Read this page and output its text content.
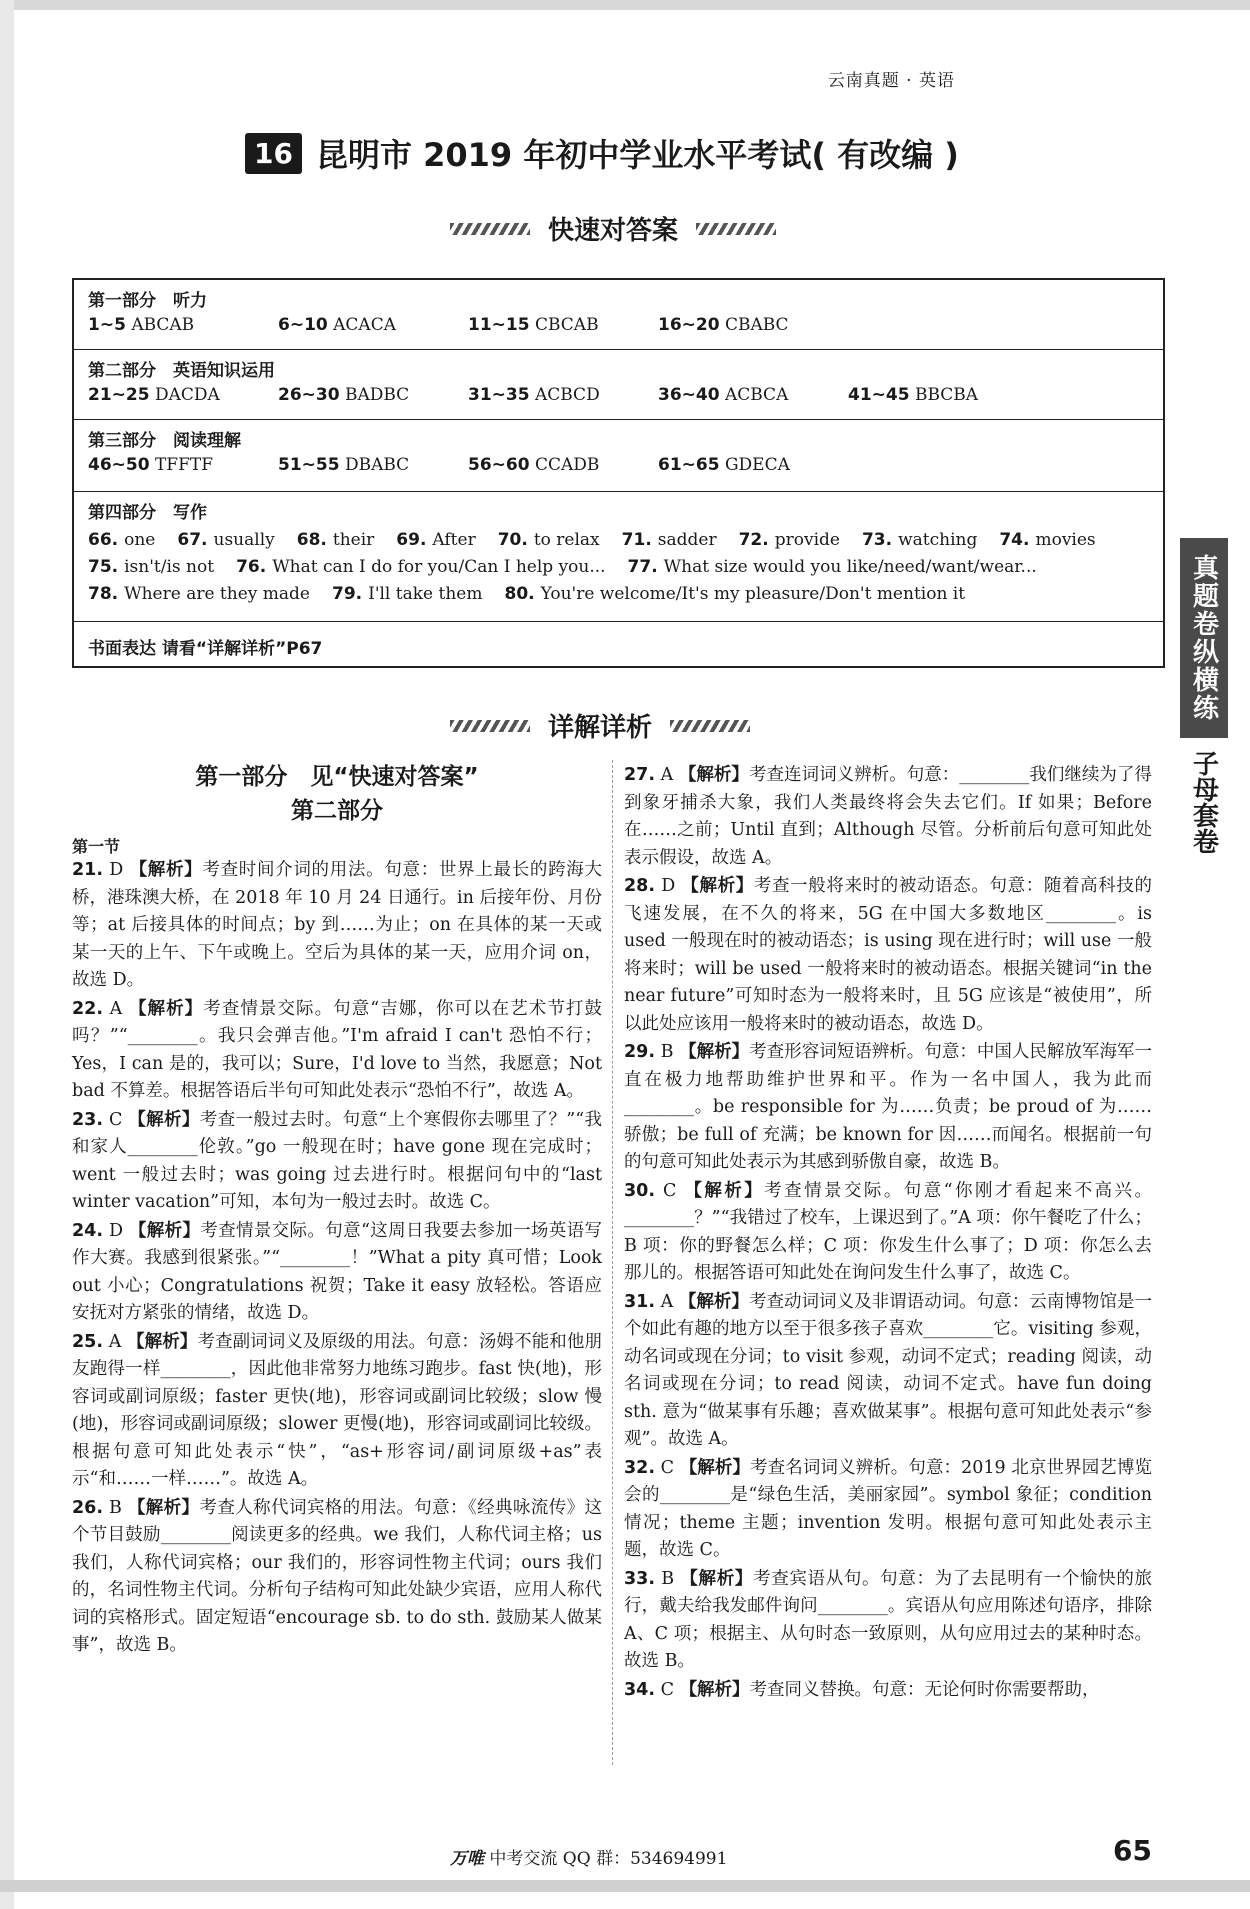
云南真题 · 英语
16 昆明市 2019 年初中学业水平考试( 有改编 )
快速对答案
第一部分　听力
1~5 ABCAB	6~10 ACACA	11~15 CBCAB	16~20 CBABC
第二部分　英语知识运用
21~25 DACDA	26~30 BADBC	31~35 ACBCD	36~40 ACBCA	41~45 BBCBA
第三部分　阅读理解
46~50 TFFTF	51~55 DBABC	56~60 CCADB	61~65 GDECA
第四部分　写作
66. one 67. usually 68. their 69. After 70. to relax 71. sadder 72. provide 73. watching 74. movies
75. isn't/is not 76. What can I do for you/Can I help you... 77. What size would you like/need/want/wear...
78. Where are they made 79. I'll take them 80. You're welcome/It's my pleasure/Don't mention it
书面表达 请看“详解详析”P67
详解详析
第一部分　见“快速对答案”
第二部分
第一节

21. D 【解析】考查时间介词的用法。句意：世界上最长的跨海大桥，港珠澳大桥，在 2018 年 10 月 24 日通行。in 后接年份、月份等；at 后接具体的时间点；by 到……为止；on 在具体的某一天或某一天的上午、下午或晚上。空后为具体的某一天，应用介词 on，故选 D。

22. A 【解析】考查情景交际。句意“吉娜，你可以在艺术节打鼓吗？”“________。我只会弹吉他。”I'm afraid I can't 恐怕不行；Yes，I can 是的，我可以；Sure，I'd love to 当然，我愿意；Not bad 不算差。根据答语后半句可知此处表示“恐怕不行”，故选 A。

23. C 【解析】考查一般过去时。句意“上个寒假你去哪里了？”“我和家人________伦敦。”go 一般现在时；have gone 现在完成时；went 一般过去时；was going 过去进行时。根据问句中的“last winter vacation”可知，本句为一般过去时。故选 C。

24. D 【解析】考查情景交际。句意“这周日我要去参加一场英语写作大赛。我感到很紧张。”“________！”What a pity 真可惜；Look out 小心；Congratulations 祝贺；Take it easy 放轻松。答语应安抚对方紧张的情绪，故选 D。

25. A 【解析】考查副词词义及原级的用法。句意：汤姆不能和他朋友跑得一样________，因此他非常努力地练习跑步。fast 快(地)，形容词或副词原级；faster 更快(地)，形容词或副词比较级；slow 慢(地)，形容词或副词原级；slower 更慢(地)，形容词或副词比较级。根据句意可知此处表示“快”，“as+形容词/副词原级+as”表示“和……一样……”。故选 A。

26. B 【解析】考查人称代词宾格的用法。句意：《经典咏流传》这个节目鼓励________阅读更多的经典。we 我们，人称代词主格；us 我们，人称代词宾格；our 我们的，形容词性物主代词；ours 我们的，名词性物主代词。分析句子结构可知此处缺少宾语，应用人称代词的宾格形式。固定短语“encourage sb. to do sth. 鼓励某人做某事”，故选 B。

27. A 【解析】考查连词词义辨析。句意：________我们继续为了得到象牙捕杀大象，我们人类最终将会失去它们。If 如果；Before 在……之前；Until 直到；Although 尽管。分析前后句意可知此处表示假设，故选 A。

28. D 【解析】考查一般将来时的被动语态。句意：随着高科技的飞速发展，在不久的将来，5G 在中国大多数地区________。is used 一般现在时的被动语态；is using 现在进行时；will use 一般将来时；will be used 一般将来时的被动语态。根据关键词“in the near future”可知时态为一般将来时，且 5G 应该是“被使用”，所以此处应该用一般将来时的被动语态，故选 D。

29. B 【解析】考查形容词短语辨析。句意：中国人民解放军海军一直在极力地帮助维护世界和平。作为一名中国人，我为此而________。be responsible for 为……负责；be proud of 为……骄傲；be full of 充满；be known for 因……而闻名。根据前一句的句意可知此处表示为其感到骄傲自豪，故选 B。

30. C 【解析】考查情景交际。句意“你刚才看起来不高兴。________？”“我错过了校车，上课迟到了。”A 项：你午餐吃了什么；B 项：你的野餐怎么样；C 项：你发生什么事了；D 项：你怎么去那儿的。根据答语可知此处在询问发生什么事了，故选 C。

31. A 【解析】考查动词词义及非谓语动词。句意：云南博物馆是一个如此有趣的地方以至于很多孩子喜欢________它。visiting 参观，动名词或现在分词；to visit 参观，动词不定式；reading 阅读，动名词或现在分词；to read 阅读，动词不定式。have fun doing sth. 意为“做某事有乐趣；喜欢做某事”。根据句意可知此处表示“参观”。故选 A。

32. C 【解析】考查名词词义辨析。句意：2019 北京世界园艺博览会的________是“绿色生活，美丽家园”。symbol 象征；condition 情况；theme 主题；invention 发明。根据句意可知此处表示主题，故选 C。

33. B 【解析】考查宾语从句。句意：为了去昆明有一个愉快的旅行，戴夫给我发邮件询问________。宾语从句应用陈述句语序，排除 A、C 项；根据主、从句时态一致原则，从句应用过去的某种时态。故选 B。

34. C 【解析】考查同义替换。句意：无论何时你需要帮助，

真题卷纵横练
子母套卷
万唯 中考交流 QQ 群：534694991	65
